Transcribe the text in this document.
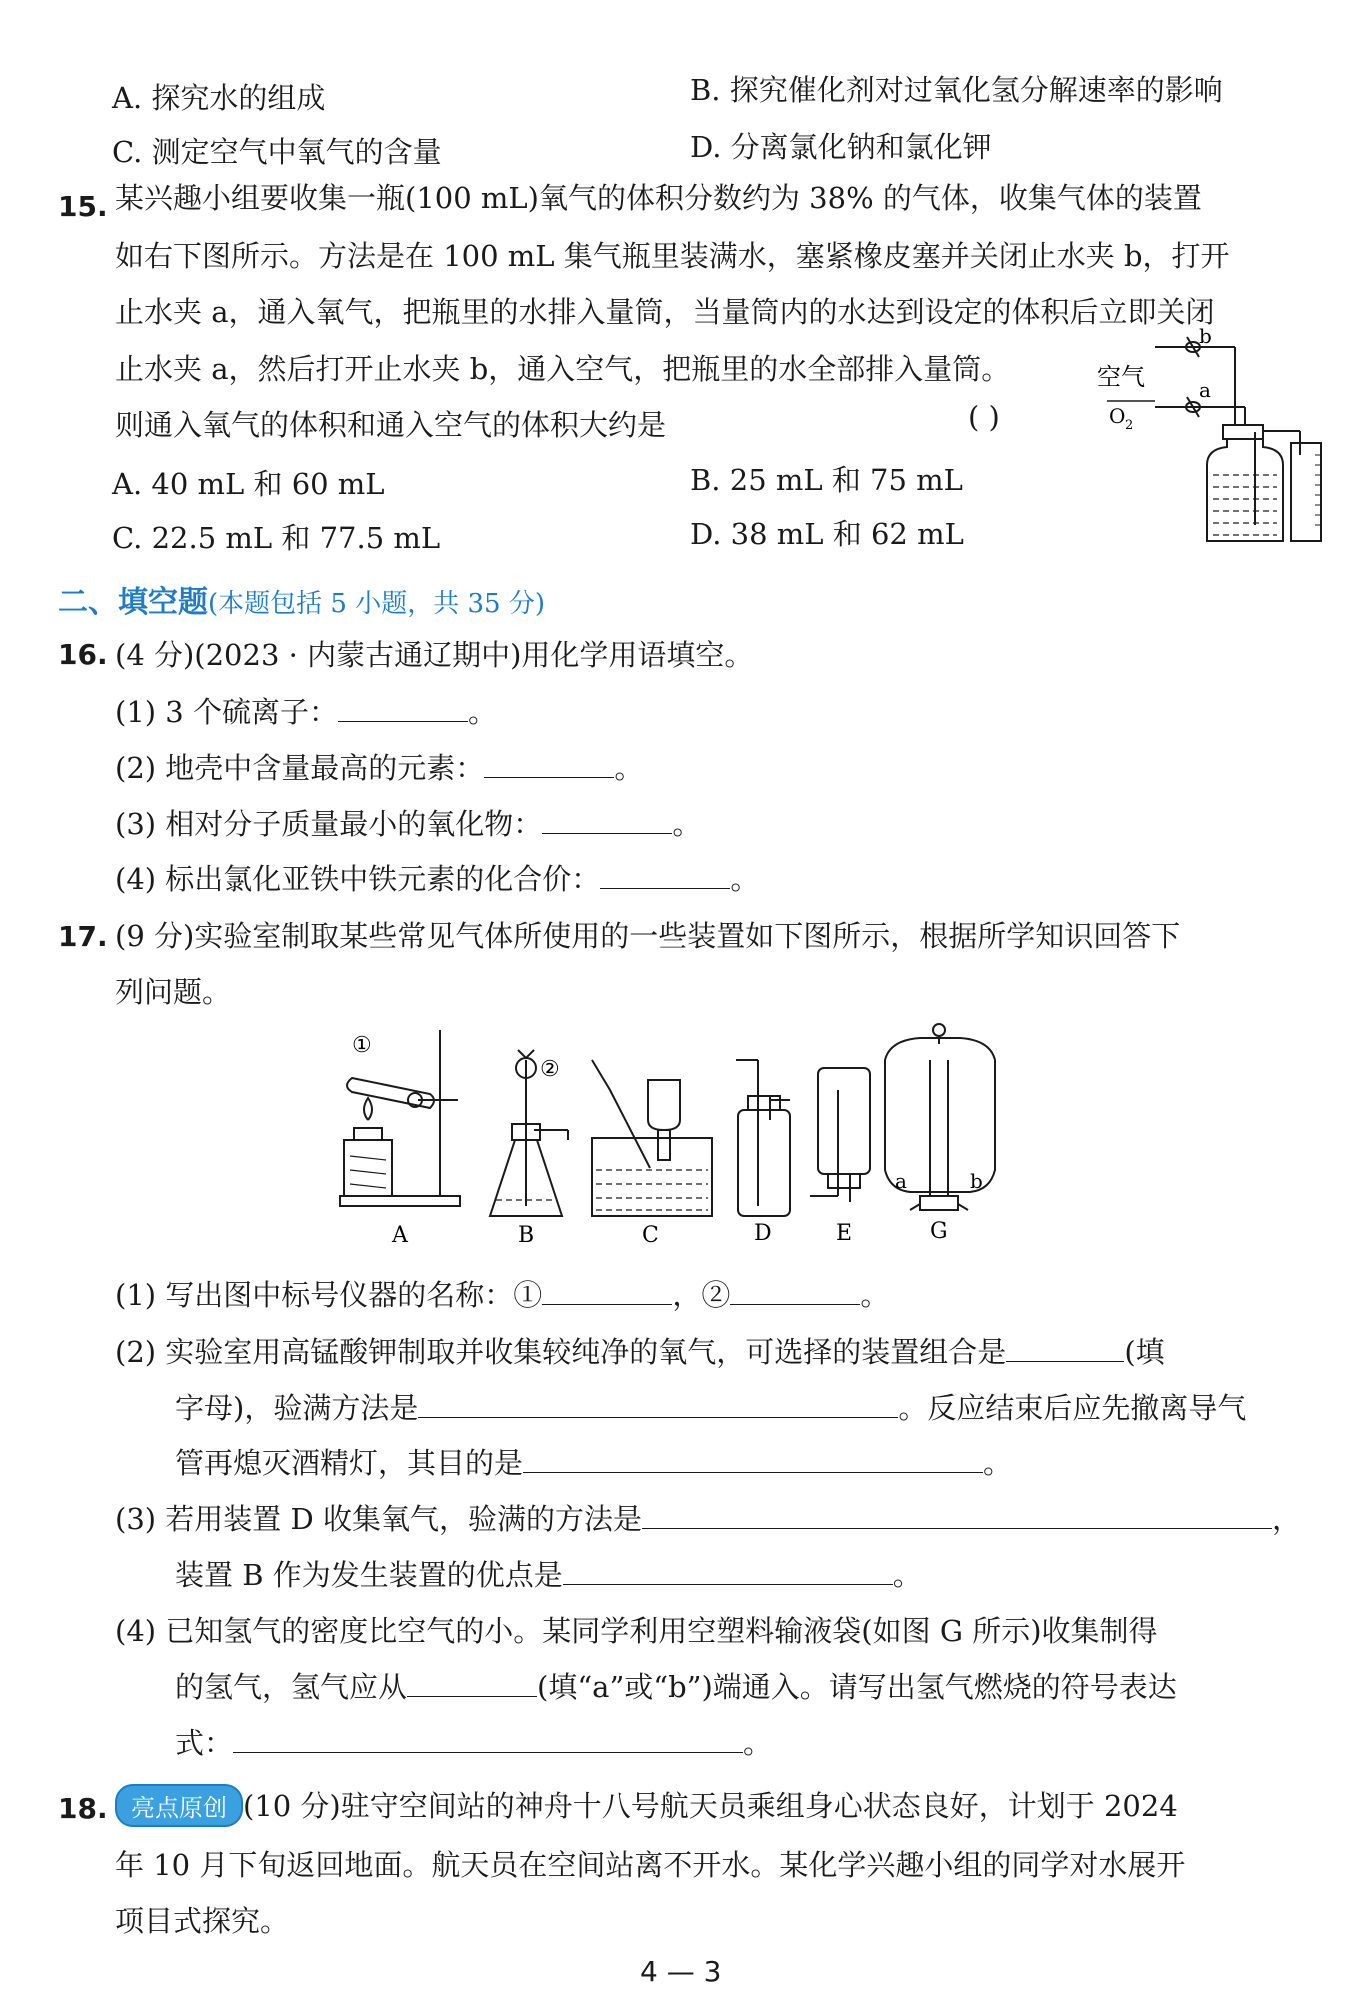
A. 探究水的组成	B. 探究催化剂对过氧化氢分解速率的影响
C. 测定空气中氧气的含量	D. 分离氯化钠和氯化钾
15. 某兴趣小组要收集一瓶(100 mL)氧气的体积分数约为 38% 的气体，收集气体的装置
如右下图所示。方法是在 100 mL 集气瓶里装满水，塞紧橡皮塞并关闭止水夹 b，打开
止水夹 a，通入氧气，把瓶里的水排入量筒，当量筒内的水达到设定的体积后立即关闭
止水夹 a，然后打开止水夹 b，通入空气，把瓶里的水全部排入量筒。
则通入氧气的体积和通入空气的体积大约是	( )
A. 40 mL 和 60 mL	B. 25 mL 和 75 mL
C. 22.5 mL 和 77.5 mL	D. 38 mL 和 62 mL
b
a
空气
O 2
二、填空题(本题包括 5 小题，共 35 分)
16. (4 分)(2023 · 内蒙古通辽期中)用化学用语填空。
(1) 3 个硫离子：	。
(2) 地壳中含量最高的元素：	。
(3) 相对分子质量最小的氧化物：	。
(4) 标出氯化亚铁中铁元素的化合价：	。
17. (9 分)实验室制取某些常见气体所使用的一些装置如下图所示，根据所学知识回答下
列问题。
①
②
a	b
A	B	C	D	E	G
(1) 写出图中标号仪器的名称：①	，②	。
(2) 实验室用高锰酸钾制取并收集较纯净的氧气，可选择的装置组合是	(填
字母)，验满方法是	。反应结束后应先撤离导气
管再熄灭酒精灯，其目的是	。
(3) 若用装置 D 收集氧气，验满的方法是	，
装置 B 作为发生装置的优点是	。
(4) 已知氢气的密度比空气的小。某同学利用空塑料输液袋(如图 G 所示)收集制得
的氢气，氢气应从	(填“a”或“b”)端通入。请写出氢气燃烧的符号表达
式：	。
18. 亮点原创 (10 分)驻守空间站的神舟十八号航天员乘组身心状态良好，计划于 2024
年 10 月下旬返回地面。航天员在空间站离不开水。某化学兴趣小组的同学对水展开
项目式探究。
4 — 3
